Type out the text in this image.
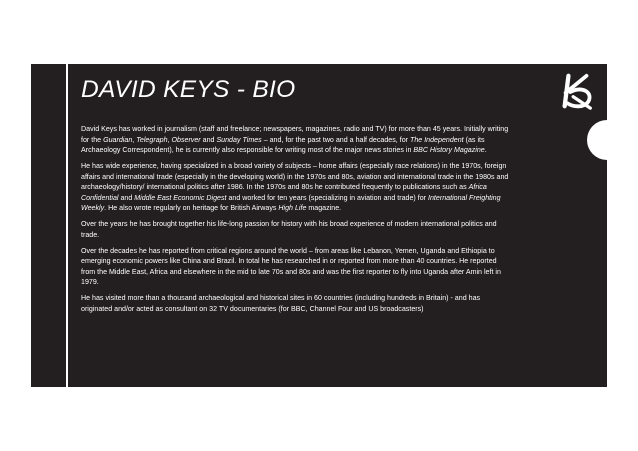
DAVID KEYS - BIO

David Keys has worked in journalism (staff and freelance; newspapers, magazines, radio and TV) for more than 45 years. Initially writing for the Guardian, Telegraph, Observer and Sunday Times – and, for the past two and a half decades, for The Independent (as its Archaeology Correspondent), he is currently also responsible for writing most of the major news stories in BBC History Magazine.

He has wide experience, having specialized in a broad variety of subjects – home affairs (especially race relations) in the 1970s, foreign affairs and international trade (especially in the developing world) in the 1970s and 80s, aviation and international trade in the 1980s and archaeology/history/ international politics after 1986. In the 1970s and 80s he contributed frequently to publications such as Africa Confidential and Middle East Economic Digest and worked for ten years (specializing in aviation and trade) for International Freighting Weekly. He also wrote regularly on heritage for British Airways High Life magazine.

Over the years he has brought together his life-long passion for history with his broad experience of modern international politics and trade.

Over the decades he has reported from critical regions around the world – from areas like Lebanon, Yemen, Uganda and Ethiopia to emerging economic powers like China and Brazil. In total he has researched in or reported from more than 40 countries. He reported from the Middle East, Africa and elsewhere in the mid to late 70s and 80s and was the first reporter to fly into Uganda after Amin left in 1979.

He has visited more than a thousand archaeological and historical sites in 60 countries (including hundreds in Britain) - and has originated and/or acted as consultant on 32 TV documentaries (for BBC, Channel Four and US broadcasters)
